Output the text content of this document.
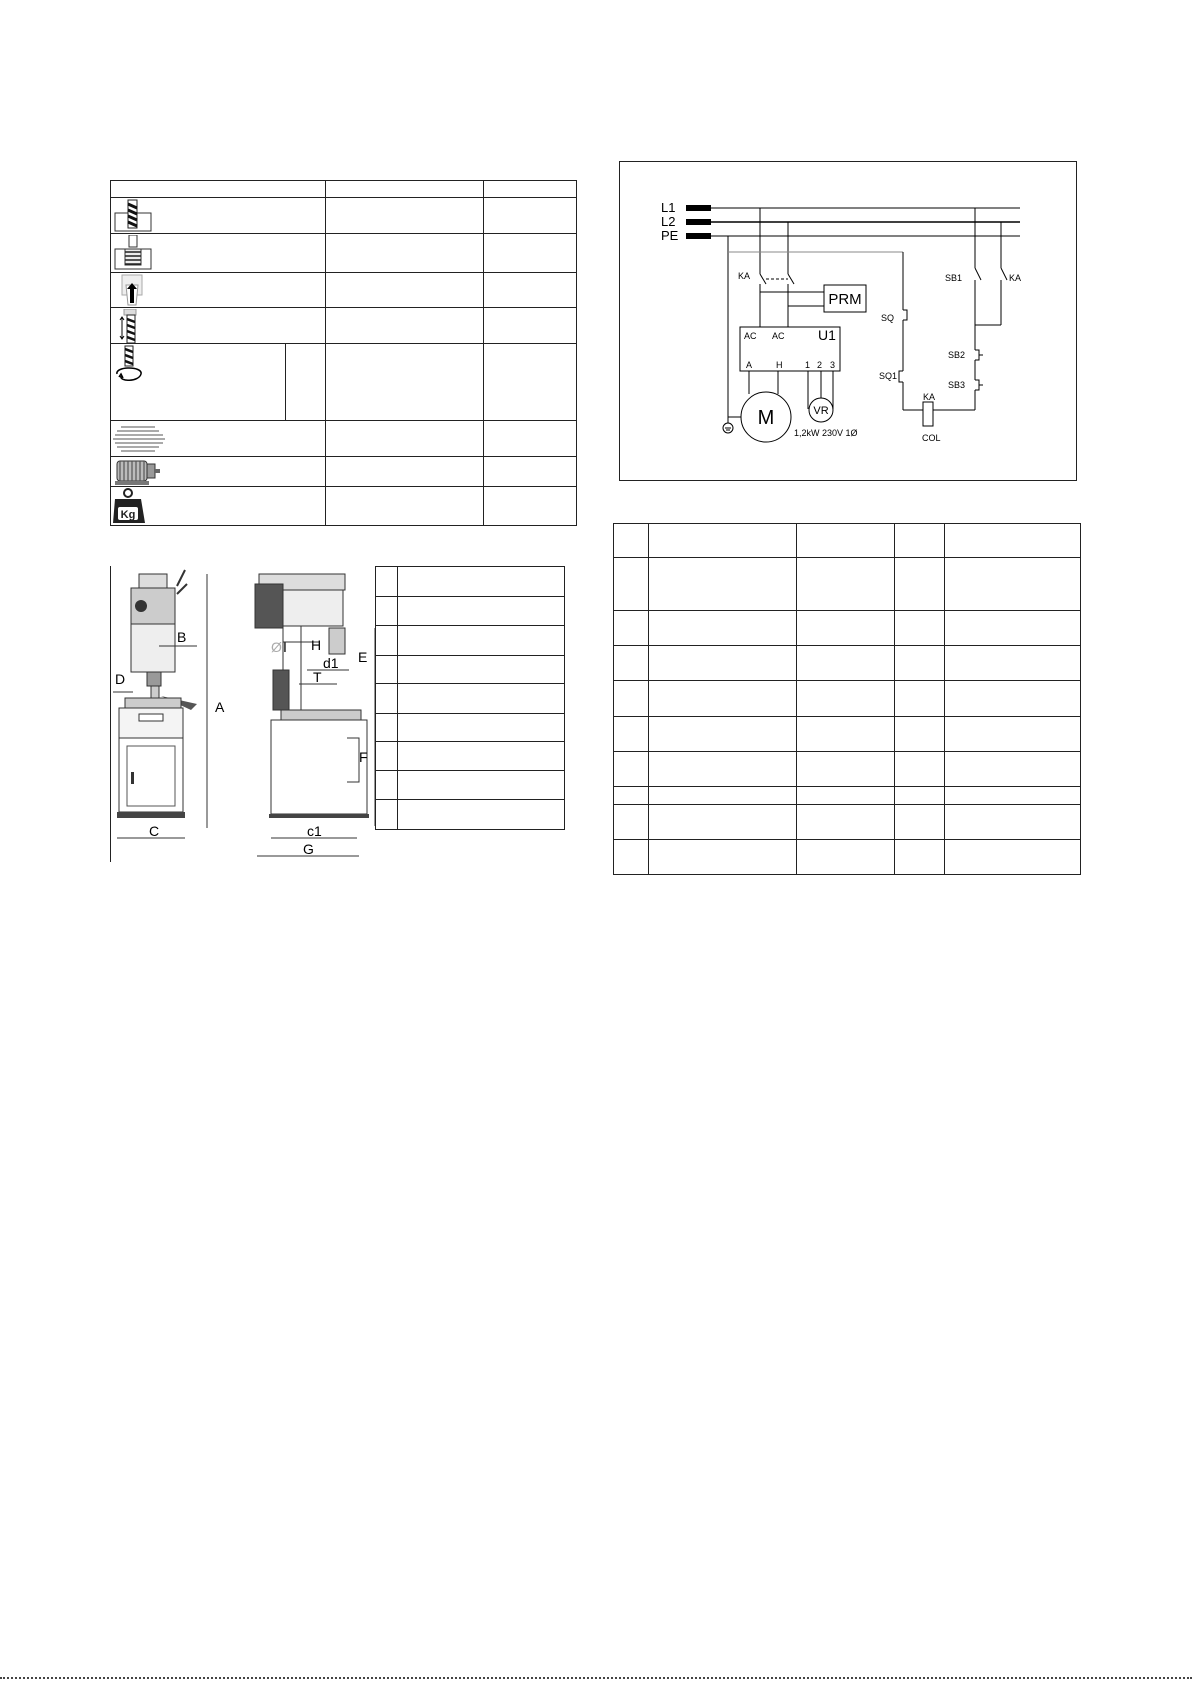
Kg			

L1
L2
PE
KA
PRM
AC AC U1
A	H	1 2 3
M	VR
1,2kW 230V 1Ø
SQ
SQ1
SB1	KA
SB2
SB3
KA
COL
A
B
C
D
E
F
G
H
Ø I
T
d1
c1
